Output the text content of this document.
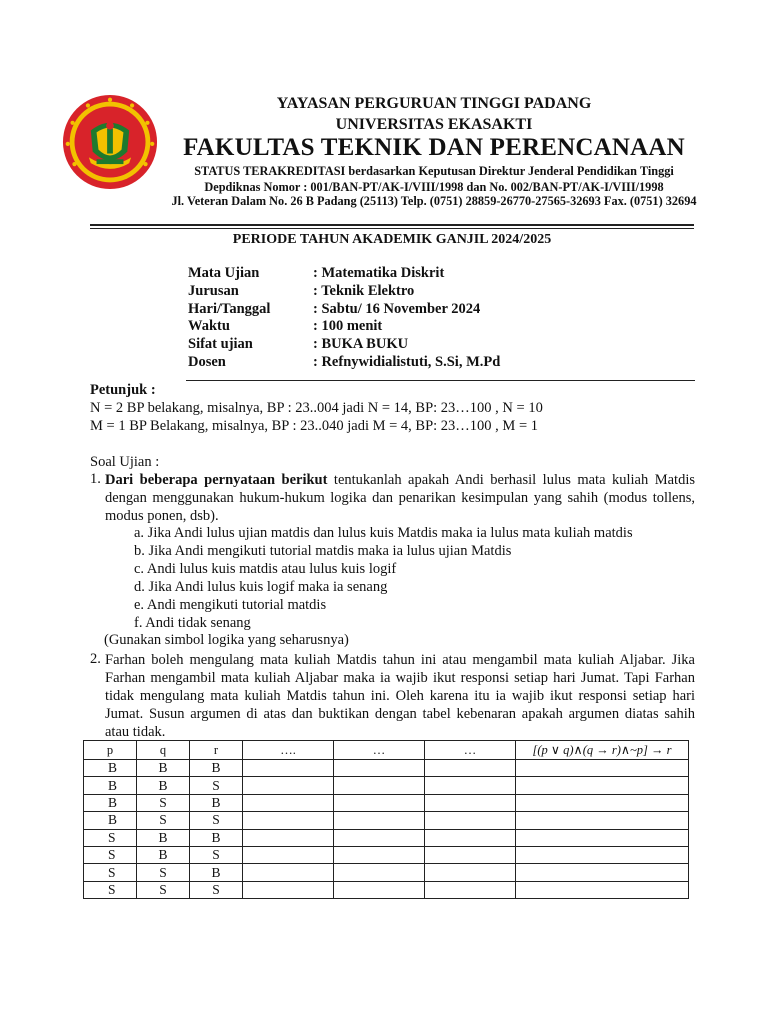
YAYASAN PERGURUAN TINGGI PADANG
UNIVERSITAS EKASAKTI
FAKULTAS TEKNIK DAN PERENCANAAN
STATUS TERAKREDITASI berdasarkan Keputusan Direktur Jenderal Pendidikan Tinggi
Depdiknas Nomor : 001/BAN-PT/AK-I/VIII/1998 dan No. 002/BAN-PT/AK-I/VIII/1998
Jl. Veteran Dalam No. 26 B Padang (25113) Telp. (0751) 28859-26770-27565-32693 Fax. (0751) 32694
PERIODE TAHUN AKADEMIK GANJIL 2024/2025
Mata Ujian	: Matematika Diskrit
Jurusan	: Teknik Elektro
Hari/Tanggal	: Sabtu/ 16 November 2024
Waktu	: 100 menit
Sifat ujian	: BUKA BUKU
Dosen	: Refnywidialistuti, S.Si, M.Pd
Petunjuk :
N = 2 BP belakang, misalnya, BP : 23..004 jadi N = 14, BP: 23…100 , N = 10
M = 1 BP Belakang, misalnya, BP : 23..040 jadi M = 4, BP: 23…100 , M = 1
Soal Ujian :
1. Dari beberapa pernyataan berikut tentukanlah apakah Andi berhasil lulus mata kuliah Matdis dengan menggunakan hukum-hukum logika dan penarikan kesimpulan yang sahih (modus tollens, modus ponen, dsb).
a. Jika Andi lulus ujian matdis dan lulus kuis Matdis maka ia lulus mata kuliah matdis
b. Jika Andi mengikuti tutorial matdis maka ia lulus ujian Matdis
c. Andi lulus kuis matdis atau lulus kuis logif
d. Jika Andi lulus kuis logif maka ia senang
e. Andi mengikuti tutorial matdis
f. Andi tidak senang
(Gunakan simbol logika yang seharusnya)
2. Farhan boleh mengulang mata kuliah Matdis tahun ini atau mengambil mata kuliah Aljabar. Jika Farhan mengambil mata kuliah Aljabar maka ia wajib ikut responsi setiap hari Jumat. Tapi Farhan tidak mengulang mata kuliah Matdis tahun ini. Oleh karena itu ia wajib ikut responsi setiap hari Jumat. Susun argumen di atas dan buktikan dengan tabel kebenaran apakah argumen diatas sahih atau tidak.
p	q	r	….	…	…	[(p ∨ q)∧(q → r)∧~p] → r
B	B	B				
B	B	S				
B	S	B				
B	S	S				
S	B	B				
S	B	S				
S	S	B				
S	S	S				
